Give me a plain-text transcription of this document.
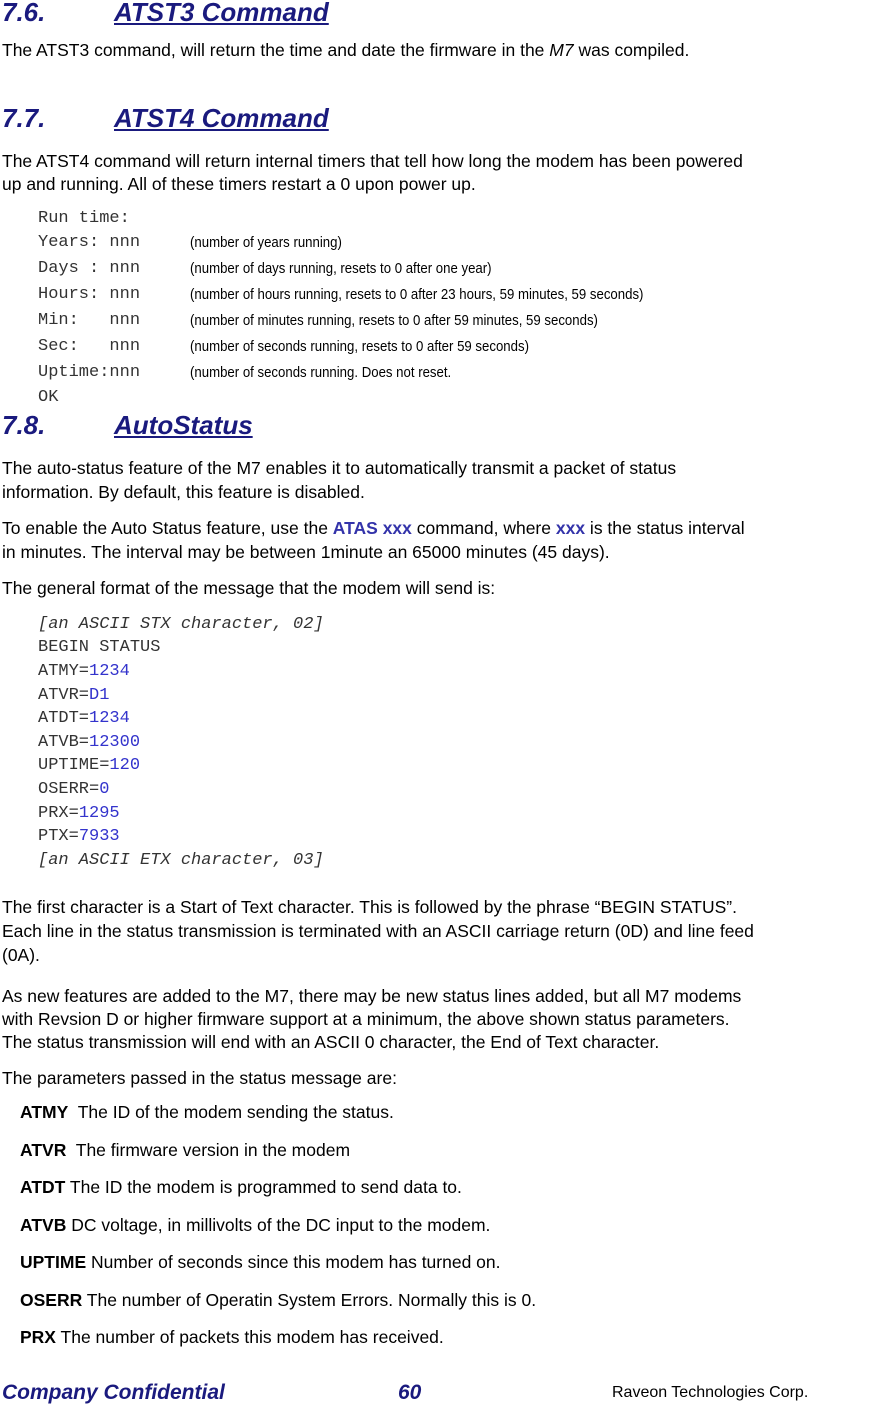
7.6.	ATST3 Command

The ATST3 command, will return the time and date the firmware in the M7 was compiled.

7.7.	ATST4 Command

The ATST4 command will return internal timers that tell how long the modem has been powered

up and running. All of these timers restart a 0 upon power up.

Run time:

Years: nnn	(number of years running)

Days : nnn	(number of days running, resets to 0 after one year)

Hours: nnn	(number of hours running, resets to 0 after 23 hours, 59 minutes, 59 seconds)

Min:   nnn	(number of minutes running, resets to 0 after 59 minutes, 59 seconds)

Sec:   nnn	(number of seconds running, resets to 0 after 59 seconds)

Uptime:nnn	(number of seconds running. Does not reset.

OK

7.8.	AutoStatus

The auto-status feature of the M7 enables it to automatically transmit a packet of status

information. By default, this feature is disabled.

To enable the Auto Status feature, use the ATAS xxx command, where xxx is the status interval

in minutes. The interval may be between 1minute an 65000 minutes (45 days).

The general format of the message that the modem will send is:

[an ASCII STX character, 02]

BEGIN STATUS

ATMY=1234

ATVR=D1

ATDT=1234

ATVB=12300

UPTIME=120

OSERR=0

PRX=1295

PTX=7933

[an ASCII ETX character, 03]

The first character is a Start of Text character. This is followed by the phrase “BEGIN STATUS”.

Each line in the status transmission is terminated with an ASCII carriage return (0D) and line feed

(0A).

As new features are added to the M7, there may be new status lines added, but all M7 modems

with Revsion D or higher firmware support at a minimum, the above shown status parameters.

The status transmission will end with an ASCII 0 character, the End of Text character.

The parameters passed in the status message are:

ATMY  The ID of the modem sending the status.

ATVR  The firmware version in the modem

ATDT The ID the modem is programmed to send data to.

ATVB DC voltage, in millivolts of the DC input to the modem.

UPTIME Number of seconds since this modem has turned on.

OSERR The number of Operatin System Errors. Normally this is 0.

PRX The number of packets this modem has received.

Company Confidential	60	Raveon Technologies Corp.
